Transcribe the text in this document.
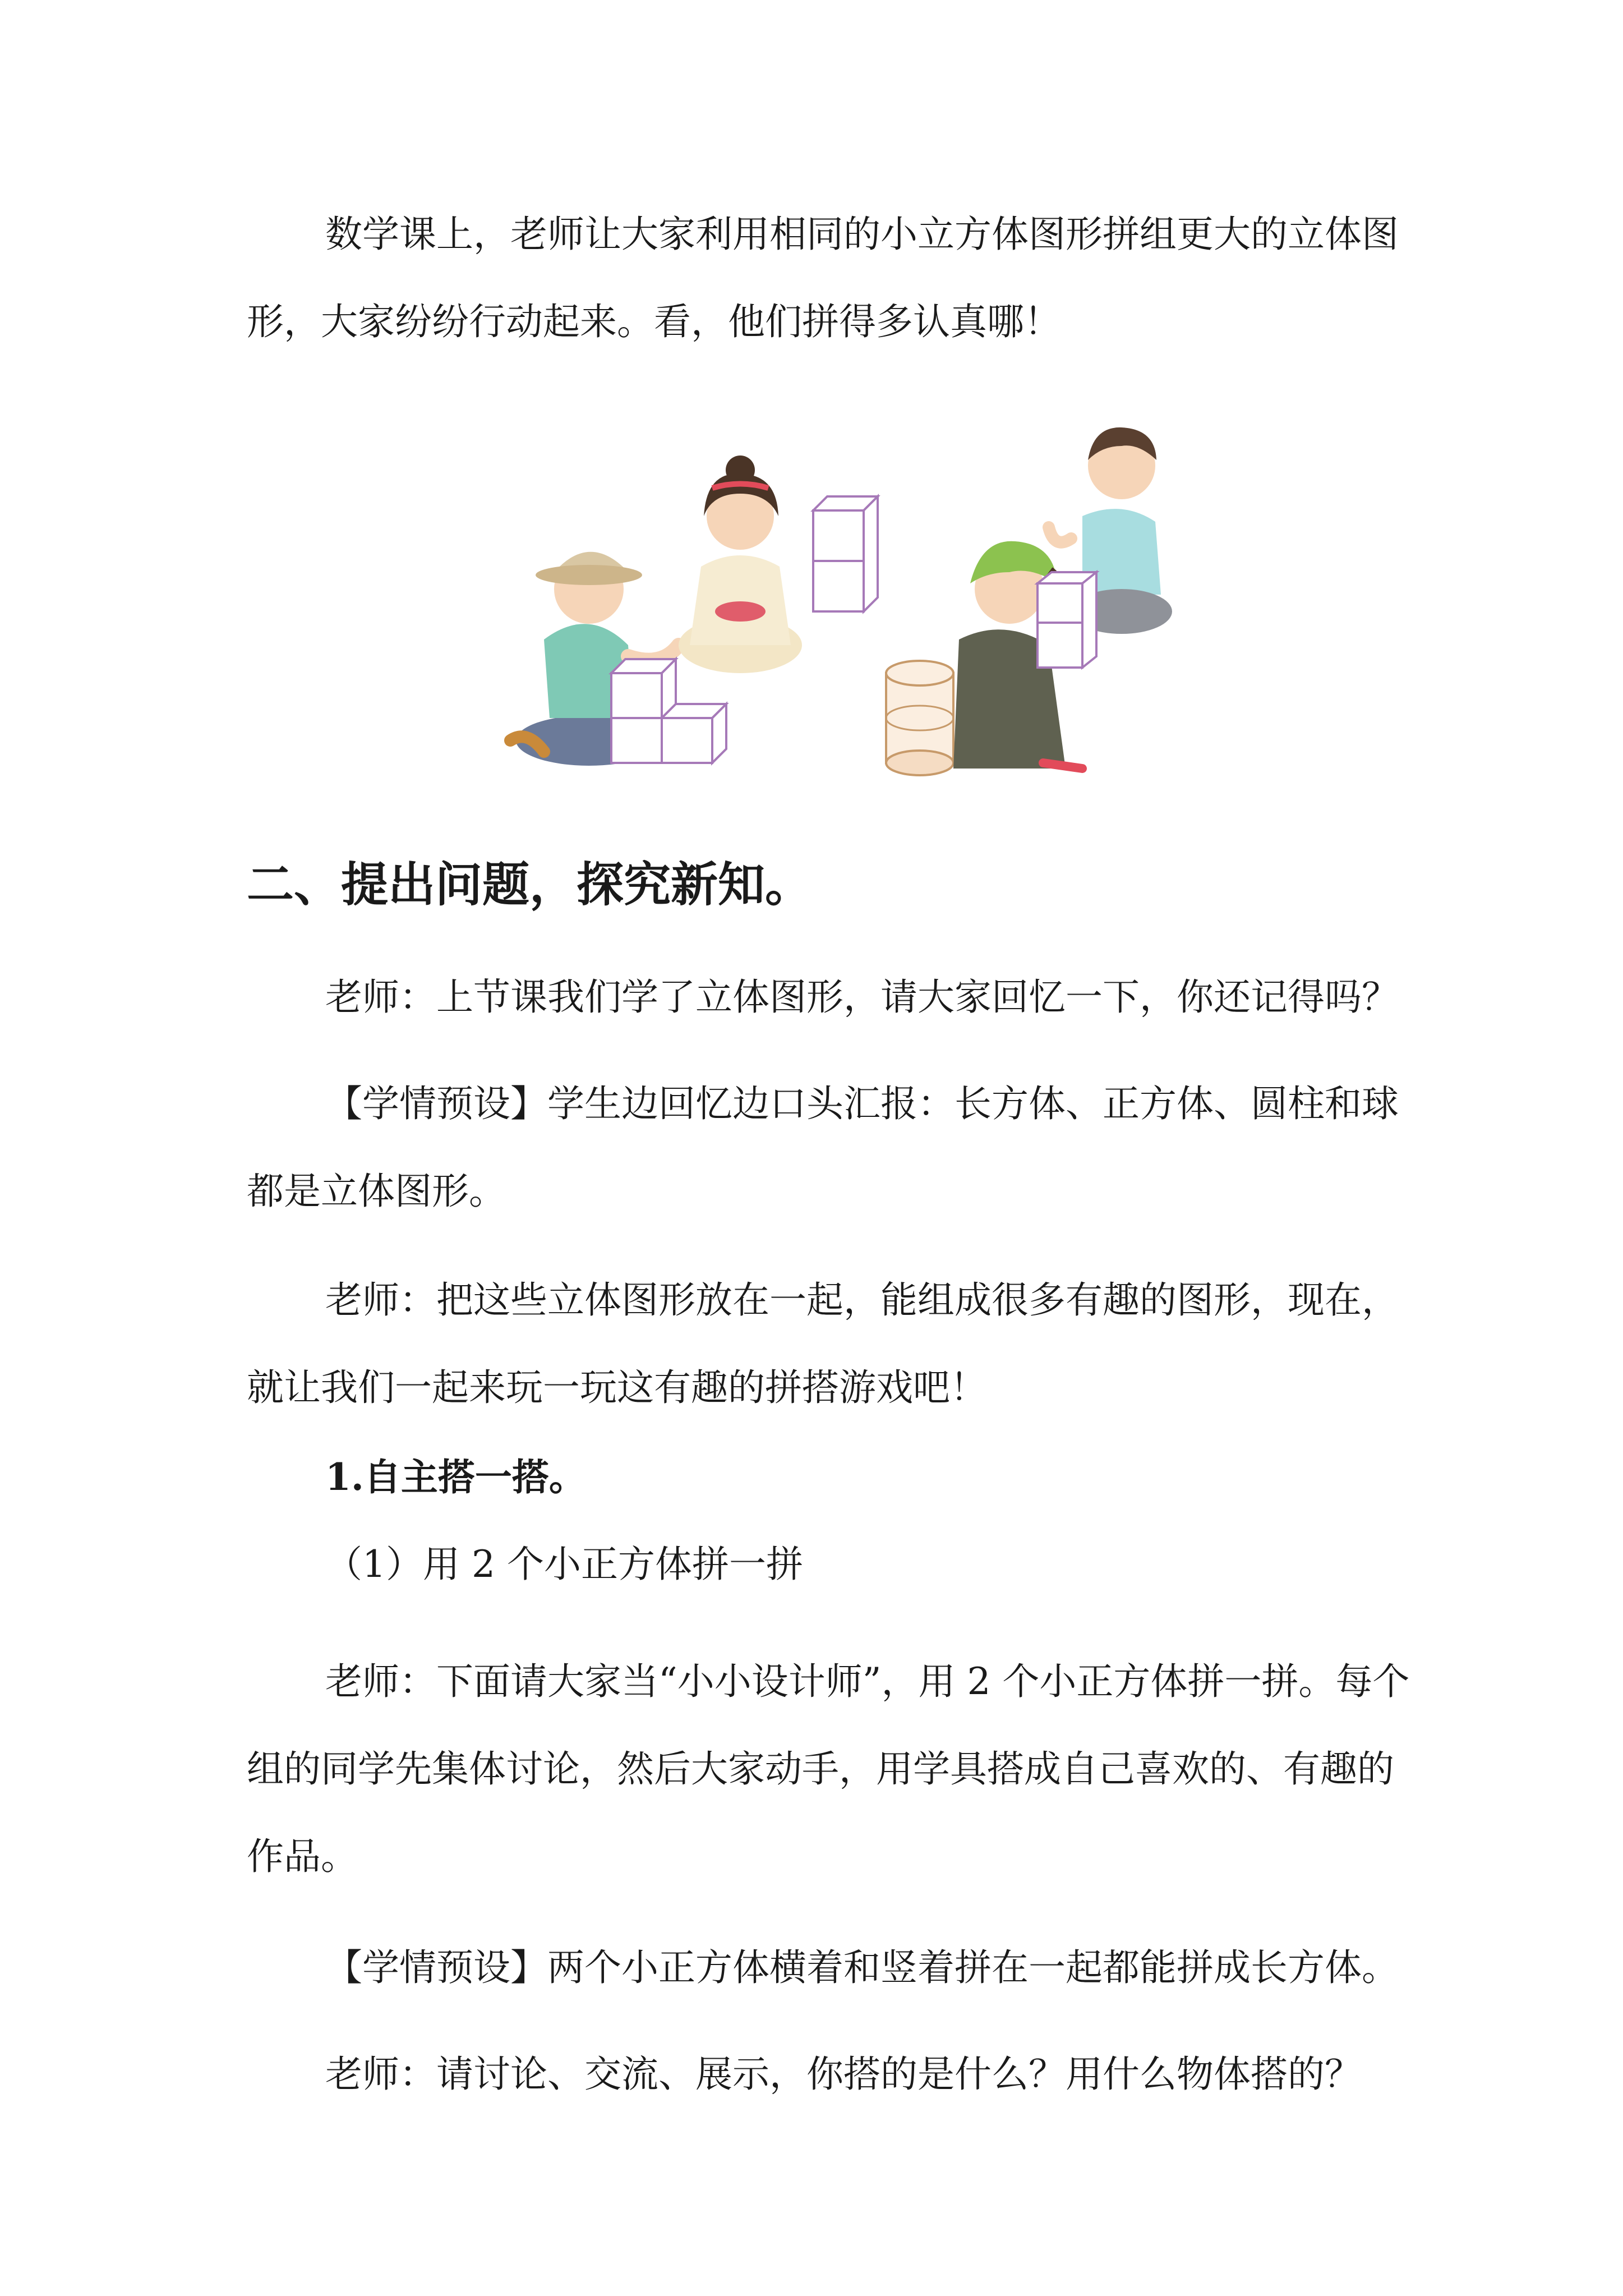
数学课上，老师让大家利用相同的小立方体图形拼组更大的立体图形，大家纷纷行动起来。看，他们拼得多认真哪！

二、提出问题，探究新知。

老师：上节课我们学了立体图形，请大家回忆一下，你还记得吗？

【学情预设】学生边回忆边口头汇报：长方体、正方体、圆柱和球都是立体图形。

老师：把这些立体图形放在一起，能组成很多有趣的图形，现在，就让我们一起来玩一玩这有趣的拼搭游戏吧！

1.自主搭一搭。

（1）用 2 个小正方体拼一拼

老师：下面请大家当“小小设计师”，用 2 个小正方体拼一拼。每个组的同学先集体讨论，然后大家动手，用学具搭成自己喜欢的、有趣的作品。

【学情预设】两个小正方体横着和竖着拼在一起都能拼成长方体。

老师：请讨论、交流、展示，你搭的是什么？用什么物体搭的？
